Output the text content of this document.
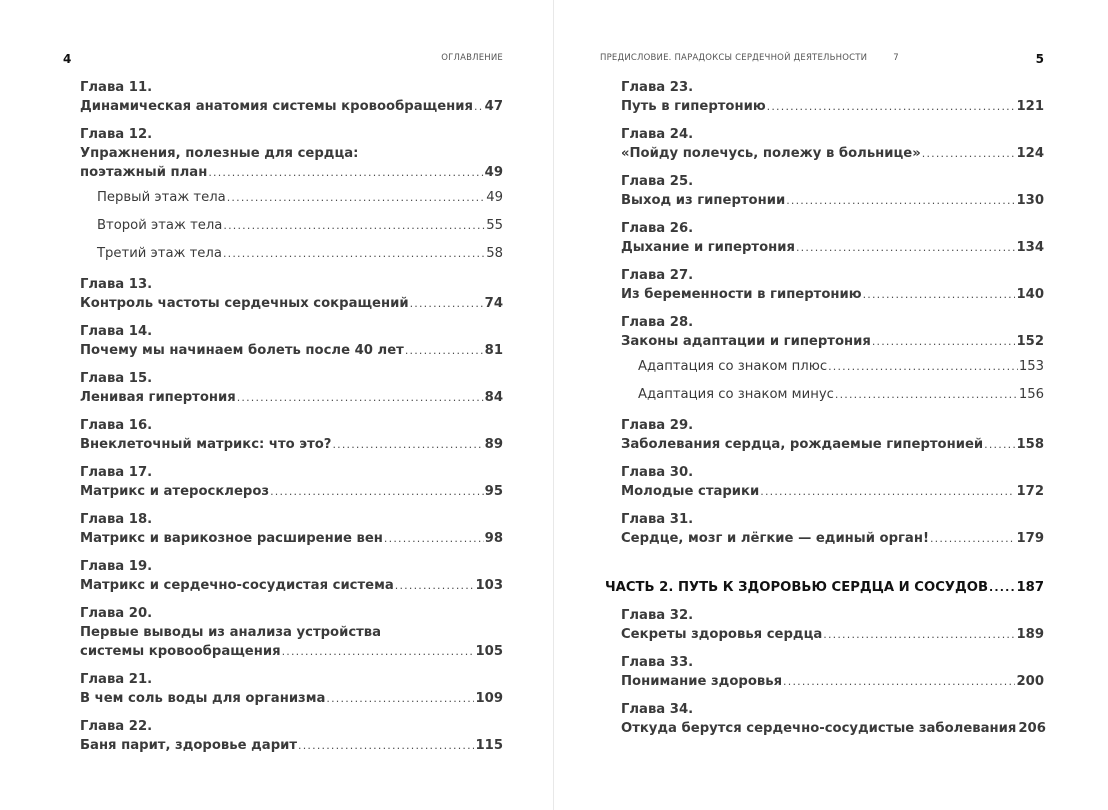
4	ОГЛАВЛЕНИЕ
Глава 11.
Динамическая анатомия системы кровообращения ..... 47
Глава 12.
Упражнения, полезные для сердца:
поэтажный план .....	49
Первый этаж тела .....	49
Второй этаж тела .....	55
Третий этаж тела .....	58
Глава 13.
Контроль частоты сердечных сокращений .....	74
Глава 14.
Почему мы начинаем болеть после 40 лет .....	81
Глава 15.
Ленивая гипертония .....	84
Глава 16.
Внеклеточный матрикс: что это? .....	89
Глава 17.
Матрикс и атеросклероз .....	95
Глава 18.
Матрикс и варикозное расширение вен .....	98
Глава 19.
Матрикс и сердечно-сосудистая система .....	103
Глава 20.
Первые выводы из анализа устройства
системы кровообращения .....	105
Глава 21.
В чем соль воды для организма .....	109
Глава 22.
Баня парит, здоровье дарит .....	115
ПРЕДИСЛОВИЕ. ПАРАДОКСЫ СЕРДЕЧНОЙ ДЕЯТЕЛЬНОСТИ	7	5
Глава 23.
Путь в гипертонию .....	121
Глава 24.
«Пойду полечусь, полежу в больнице» .....	124
Глава 25.
Выход из гипертонии .....	130
Глава 26.
Дыхание и гипертония .....	134
Глава 27.
Из беременности в гипертонию .....	140
Глава 28.
Законы адаптации и гипертония .....	152
Адаптация со знаком плюс .....	153
Адаптация со знаком минус .....	156
Глава 29.
Заболевания сердца, рождаемые гипертонией .....	158
Глава 30.
Молодые старики .....	172
Глава 31.
Сердце, мозг и лёгкие — единый орган! .....	179
ЧАСТЬ 2. ПУТЬ К ЗДОРОВЬЮ СЕРДЦА И СОСУДОВ ..... 187
Глава 32.
Секреты здоровья сердца .....	189
Глава 33.
Понимание здоровья .....	200
Глава 34.
Откуда берутся сердечно-сосудистые заболевания 206
